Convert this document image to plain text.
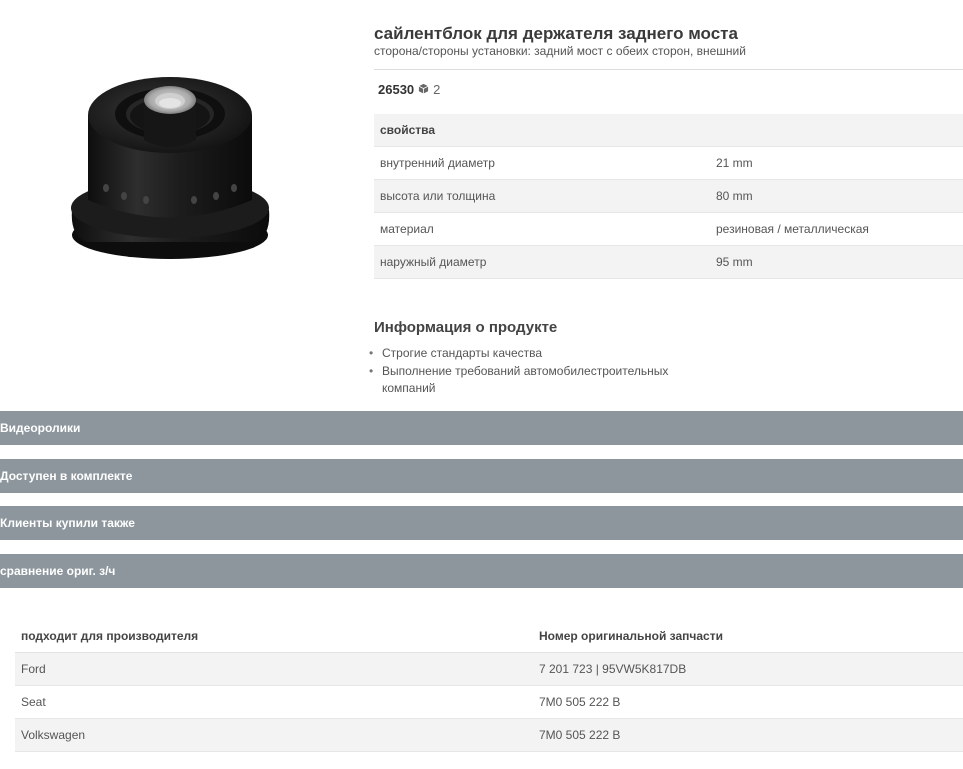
сайлентблок для держателя заднего моста
сторона/стороны установки: задний мост с обеих сторон, внешний
26530 2
свойства	
внутренний диаметр	21 mm
высота или толщина	80 mm
материал	резиновая / металлическая
наружный диаметр	95 mm
Информация о продукте
• Строгие стандарты качества
• Выполнение требований автомобилестроительных компаний
Видеоролики
Доступен в комплекте
Клиенты купили также
сравнение ориг. з/ч
подходит для производителя	Номер оригинальной запчасти
Ford	7 201 723 | 95VW5K817DB
Seat	7M0 505 222 B
Volkswagen	7M0 505 222 B
